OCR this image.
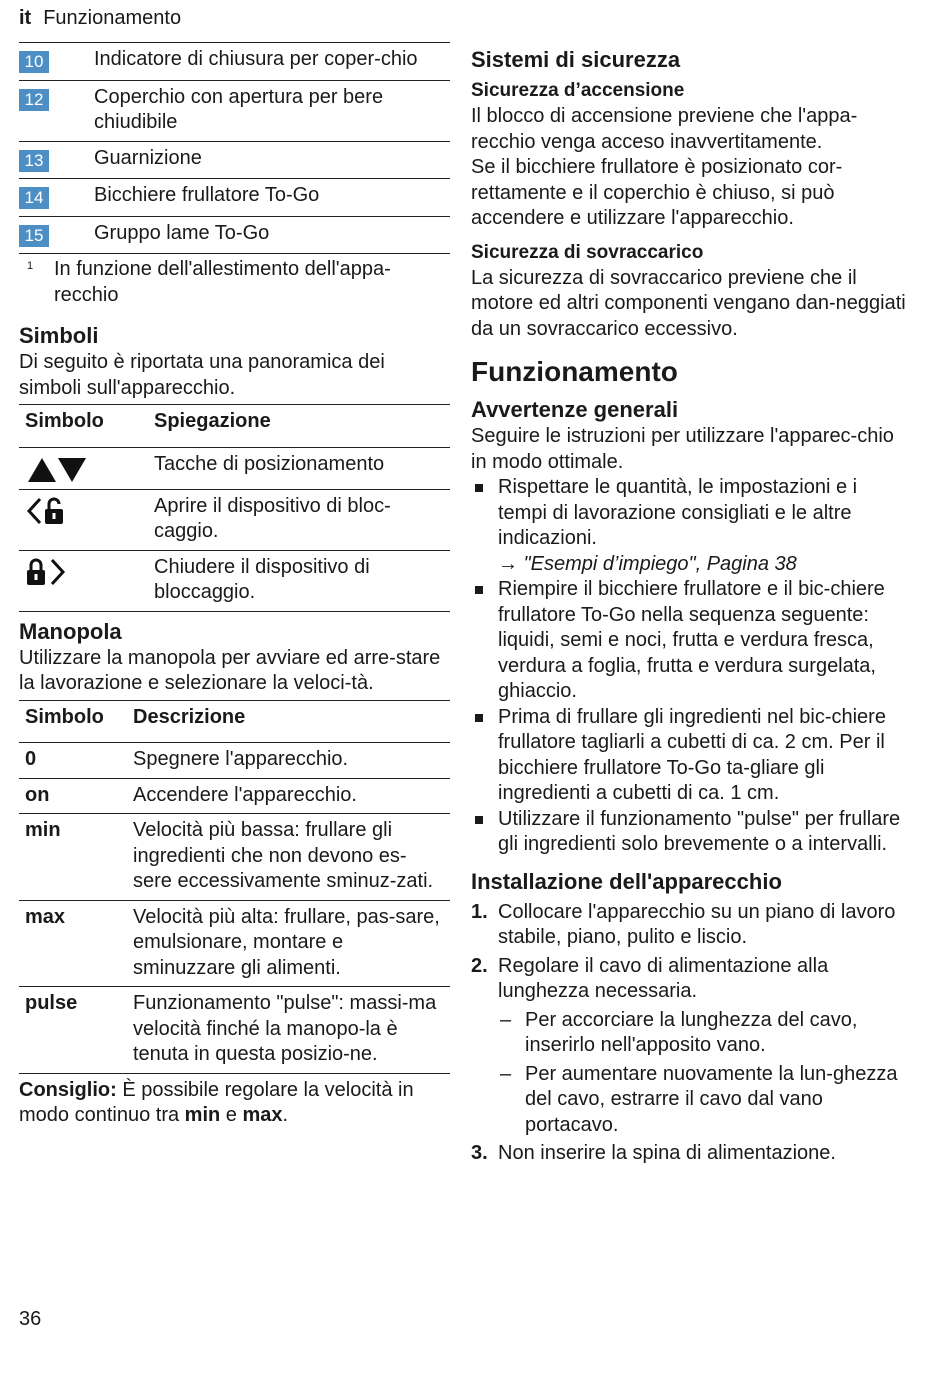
it Funzionamento
10	Indicatore di chiusura per coper-chio
12	Coperchio con apertura per bere chiudibile
13	Guarnizione
14	Bicchiere frullatore To-Go
15	Gruppo lame To-Go
1	In funzione dell'allestimento dell'appa-recchio
Simboli

Di seguito è riportata una panoramica dei simboli sull'apparecchio.

Simbolo	Spiegazione

	Tacche di posizionamento

	Aprire il dispositivo di bloc-caggio.

	Chiudere il dispositivo di bloccaggio.
Manopola

Utilizzare la manopola per avviare ed arre-stare la lavorazione e selezionare la veloci-tà.

Simbolo	Descrizione
0	Spegnere l'apparecchio.
on	Accendere l'apparecchio.
min	Velocità più bassa: frullare gli ingredienti che non devono es-sere eccessivamente sminuz-zati.
max	Velocità più alta: frullare, pas-sare, emulsionare, montare e sminuzzare gli alimenti.
pulse	Funzionamento "pulse": massi-ma velocità finché la manopo-la è tenuta in questa posizio-ne.

Consiglio: È possibile regolare la velocità in modo continuo tra min e max.

Sistemi di sicurezza
Sicurezza d’accensione

Il blocco di accensione previene che l'appa-recchio venga acceso inavvertitamente.

Se il bicchiere frullatore è posizionato cor-rettamente e il coperchio è chiuso, si può accendere e utilizzare l'apparecchio.

Sicurezza di sovraccarico

La sicurezza di sovraccarico previene che il motore ed altri componenti vengano dan-neggiati da un sovraccarico eccessivo.

Funzionamento
Avvertenze generali

Seguire le istruzioni per utilizzare l'apparec-chio in modo ottimale.

Rispettare le quantità, le impostazioni e i tempi di lavorazione consigliati e le altre indicazioni.
→ "Esempi d’impiego", Pagina 38
Riempire il bicchiere frullatore e il bic-chiere frullatore To-Go nella sequenza seguente: liquidi, semi e noci, frutta e verdura fresca, verdura a foglia, frutta e verdura surgelata, ghiaccio.
Prima di frullare gli ingredienti nel bic-chiere frullatore tagliarli a cubetti di ca. 2 cm. Per il bicchiere frullatore To-Go ta-gliare gli ingredienti a cubetti di ca. 1 cm.
Utilizzare il funzionamento "pulse" per frullare gli ingredienti solo brevemente o a intervalli.
Installazione dell'apparecchio
1. Collocare l'apparecchio su un piano di lavoro stabile, piano, pulito e liscio.
2. Regolare il cavo di alimentazione alla lunghezza necessaria.
– Per accorciare la lunghezza del cavo, inserirlo nell'apposito vano.
– Per aumentare nuovamente la lun-ghezza del cavo, estrarre il cavo dal vano portacavo.
3. Non inserire la spina di alimentazione.
36
